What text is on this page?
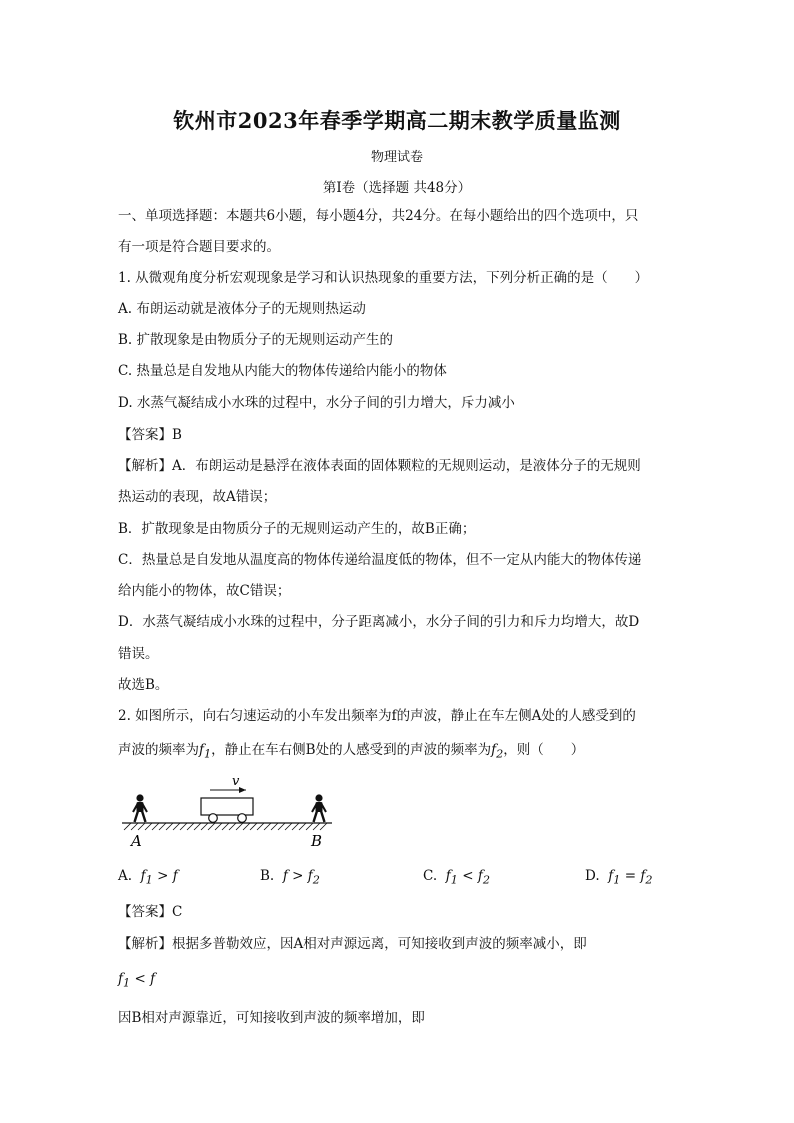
钦州市2023年春季学期高二期末教学质量监测
物理试卷
第I卷（选择题 共48分）
一、单项选择题：本题共6小题，每小题4分，共24分。在每小题给出的四个选项中，只
有一项是符合题目要求的。
1. 从微观角度分析宏观现象是学习和认识热现象的重要方法，下列分析正确的是（　　）
A. 布朗运动就是液体分子的无规则热运动
B. 扩散现象是由物质分子的无规则运动产生的
C. 热量总是自发地从内能大的物体传递给内能小的物体
D. 水蒸气凝结成小水珠的过程中，水分子间的引力增大，斥力减小
【答案】B
【解析】A．布朗运动是悬浮在液体表面的固体颗粒的无规则运动，是液体分子的无规则
热运动的表现，故A错误；
B．扩散现象是由物质分子的无规则运动产生的，故B正确；
C．热量总是自发地从温度高的物体传递给温度低的物体，但不一定从内能大的物体传递
给内能小的物体，故C错误；
D．水蒸气凝结成小水珠的过程中，分子距离减小，水分子间的引力和斥力均增大，故D
错误。
故选B。
2. 如图所示，向右匀速运动的小车发出频率为f的声波，静止在车左侧A处的人感受到的
声波的频率为$f_1$，静止在车右侧B处的人感受到的声波的频率为$f_2$，则（　　）
v
A	B
A. $f_1 > f$	B. $f > f_2$	C. $f_1 < f_2$	D. $f_1 = f_2$
【答案】C
【解析】根据多普勒效应，因A相对声源远离，可知接收到声波的频率减小，即
$f_1 < f$
因B相对声源靠近，可知接收到声波的频率增加，即
